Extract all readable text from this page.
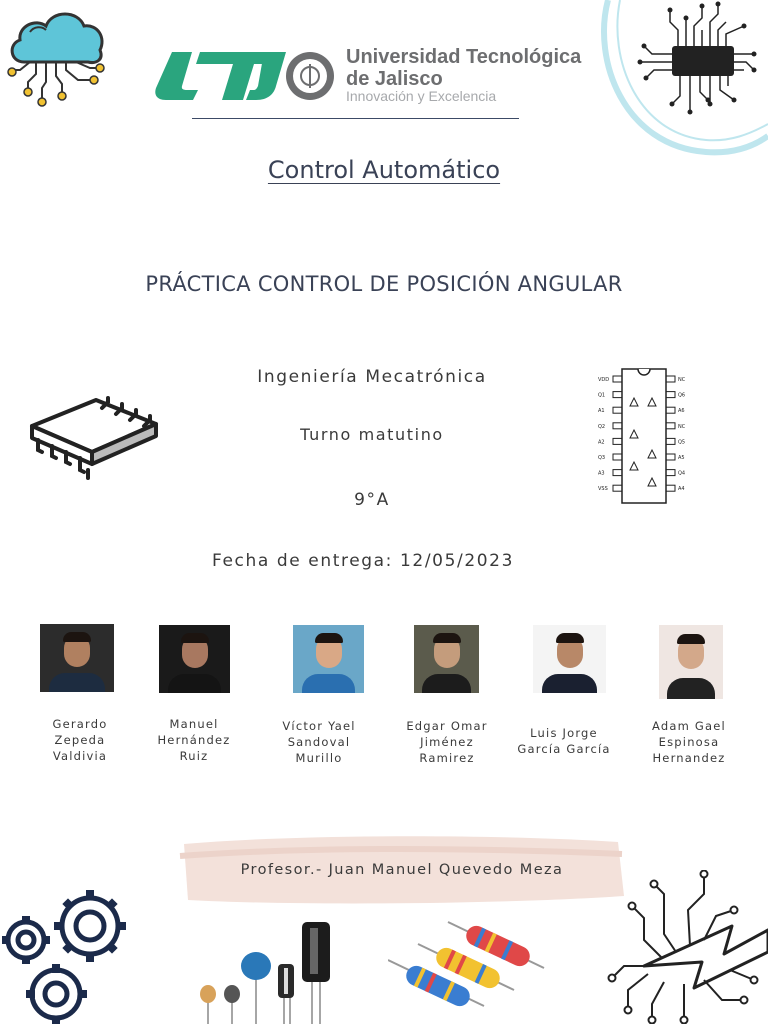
Universidad Tecnológica
de Jalisco
Innovación y Excelencia
Control Automático
PRÁCTICA CONTROL DE POSICIÓN ANGULAR
Ingeniería Mecatrónica
Turno matutino
9°A
Fecha de entrega: 12/05/2023
VDD	NC
Q1	Q6
A1	A6
Q2	NC
A2	Q5
Q3	A5
A3	Q4
VSS	A4
Gerardo
Zepeda
Valdivia
Manuel
Hernández
Ruiz
Víctor Yael
Sandoval
Murillo
Edgar Omar
Jiménez
Ramirez
Luis Jorge
García García
Adam Gael
Espinosa
Hernandez
Profesor.- Juan Manuel Quevedo Meza
